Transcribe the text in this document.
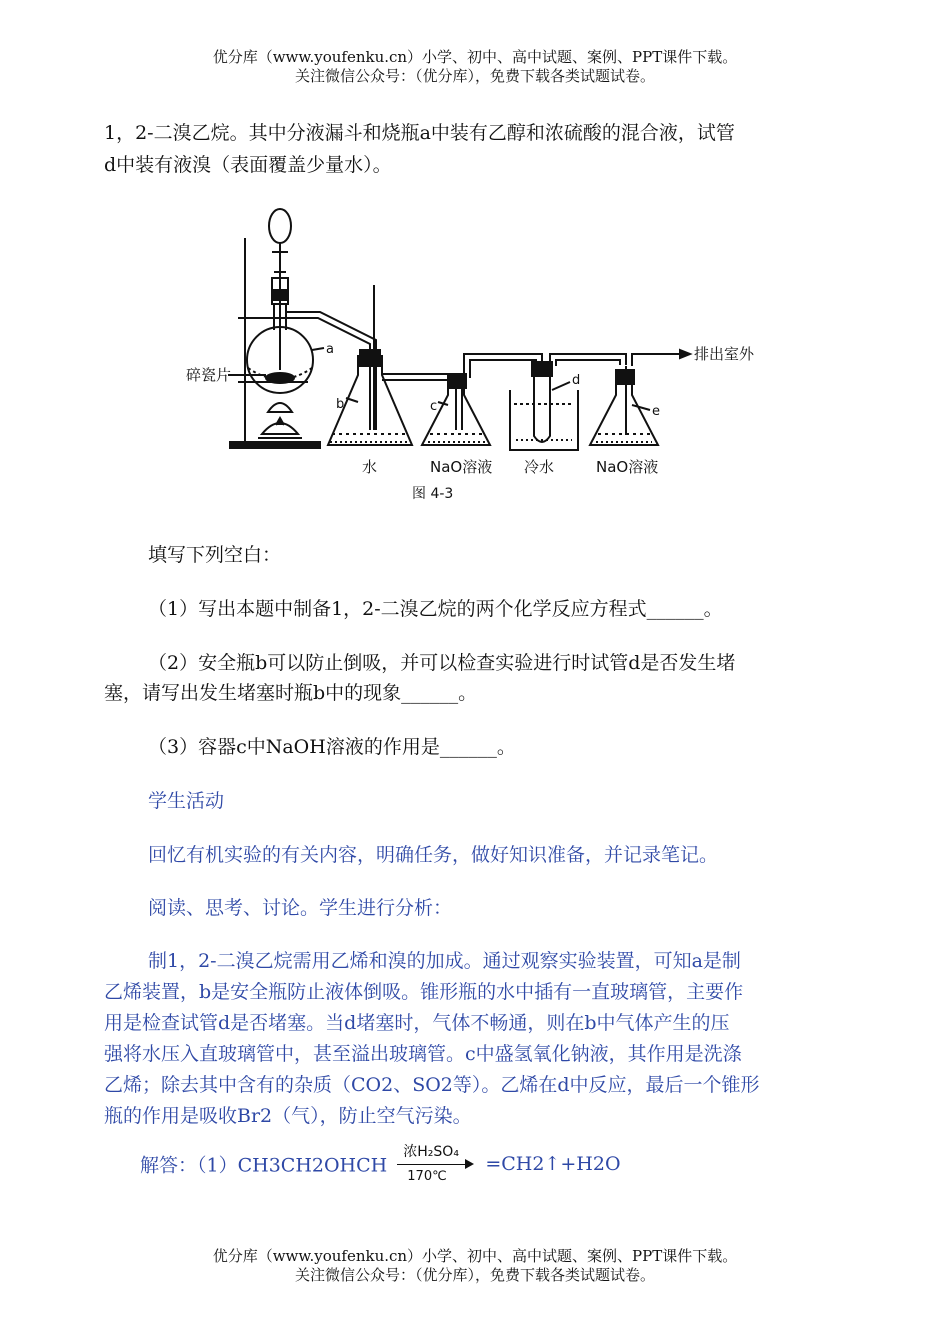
优分库（www.youfenku.cn）小学、初中、高中试题、案例、PPT课件下载。
关注微信公众号：（优分库），免费下载各类试题试卷。
1，2-二溴乙烷。其中分液漏斗和烧瓶a中装有乙醇和浓硫酸的混合液，试管
d中装有液溴（表面覆盖少量水）。
a
b	c
d
e
碎瓷片
排出室外
水	NaO溶液 冷水	NaO溶液
图 4-3
填写下列空白：
（1）写出本题中制备1，2-二溴乙烷的两个化学反应方程式______。
（2）安全瓶b可以防止倒吸，并可以检查实验进行时试管d是否发生堵
塞，请写出发生堵塞时瓶b中的现象______。
（3）容器c中NaOH溶液的作用是______。
学生活动
回忆有机实验的有关内容，明确任务，做好知识准备，并记录笔记。
阅读、思考、讨论。学生进行分析：
制1，2-二溴乙烷需用乙烯和溴的加成。通过观察实验装置，可知a是制
乙烯装置，b是安全瓶防止液体倒吸。锥形瓶的水中插有一直玻璃管，主要作
用是检查试管d是否堵塞。当d堵塞时，气体不畅通，则在b中气体产生的压
强将水压入直玻璃管中，甚至溢出玻璃管。c中盛氢氧化钠液，其作用是洗涤
乙烯；除去其中含有的杂质（CO2、SO2等）。乙烯在d中反应，最后一个锥形
瓶的作用是吸收Br2（气），防止空气污染。
解答：（1）CH3CH2OHCH
浓H₂SO₄
170℃
=CH2↑+H2O
优分库（www.youfenku.cn）小学、初中、高中试题、案例、PPT课件下载。
关注微信公众号：（优分库），免费下载各类试题试卷。
